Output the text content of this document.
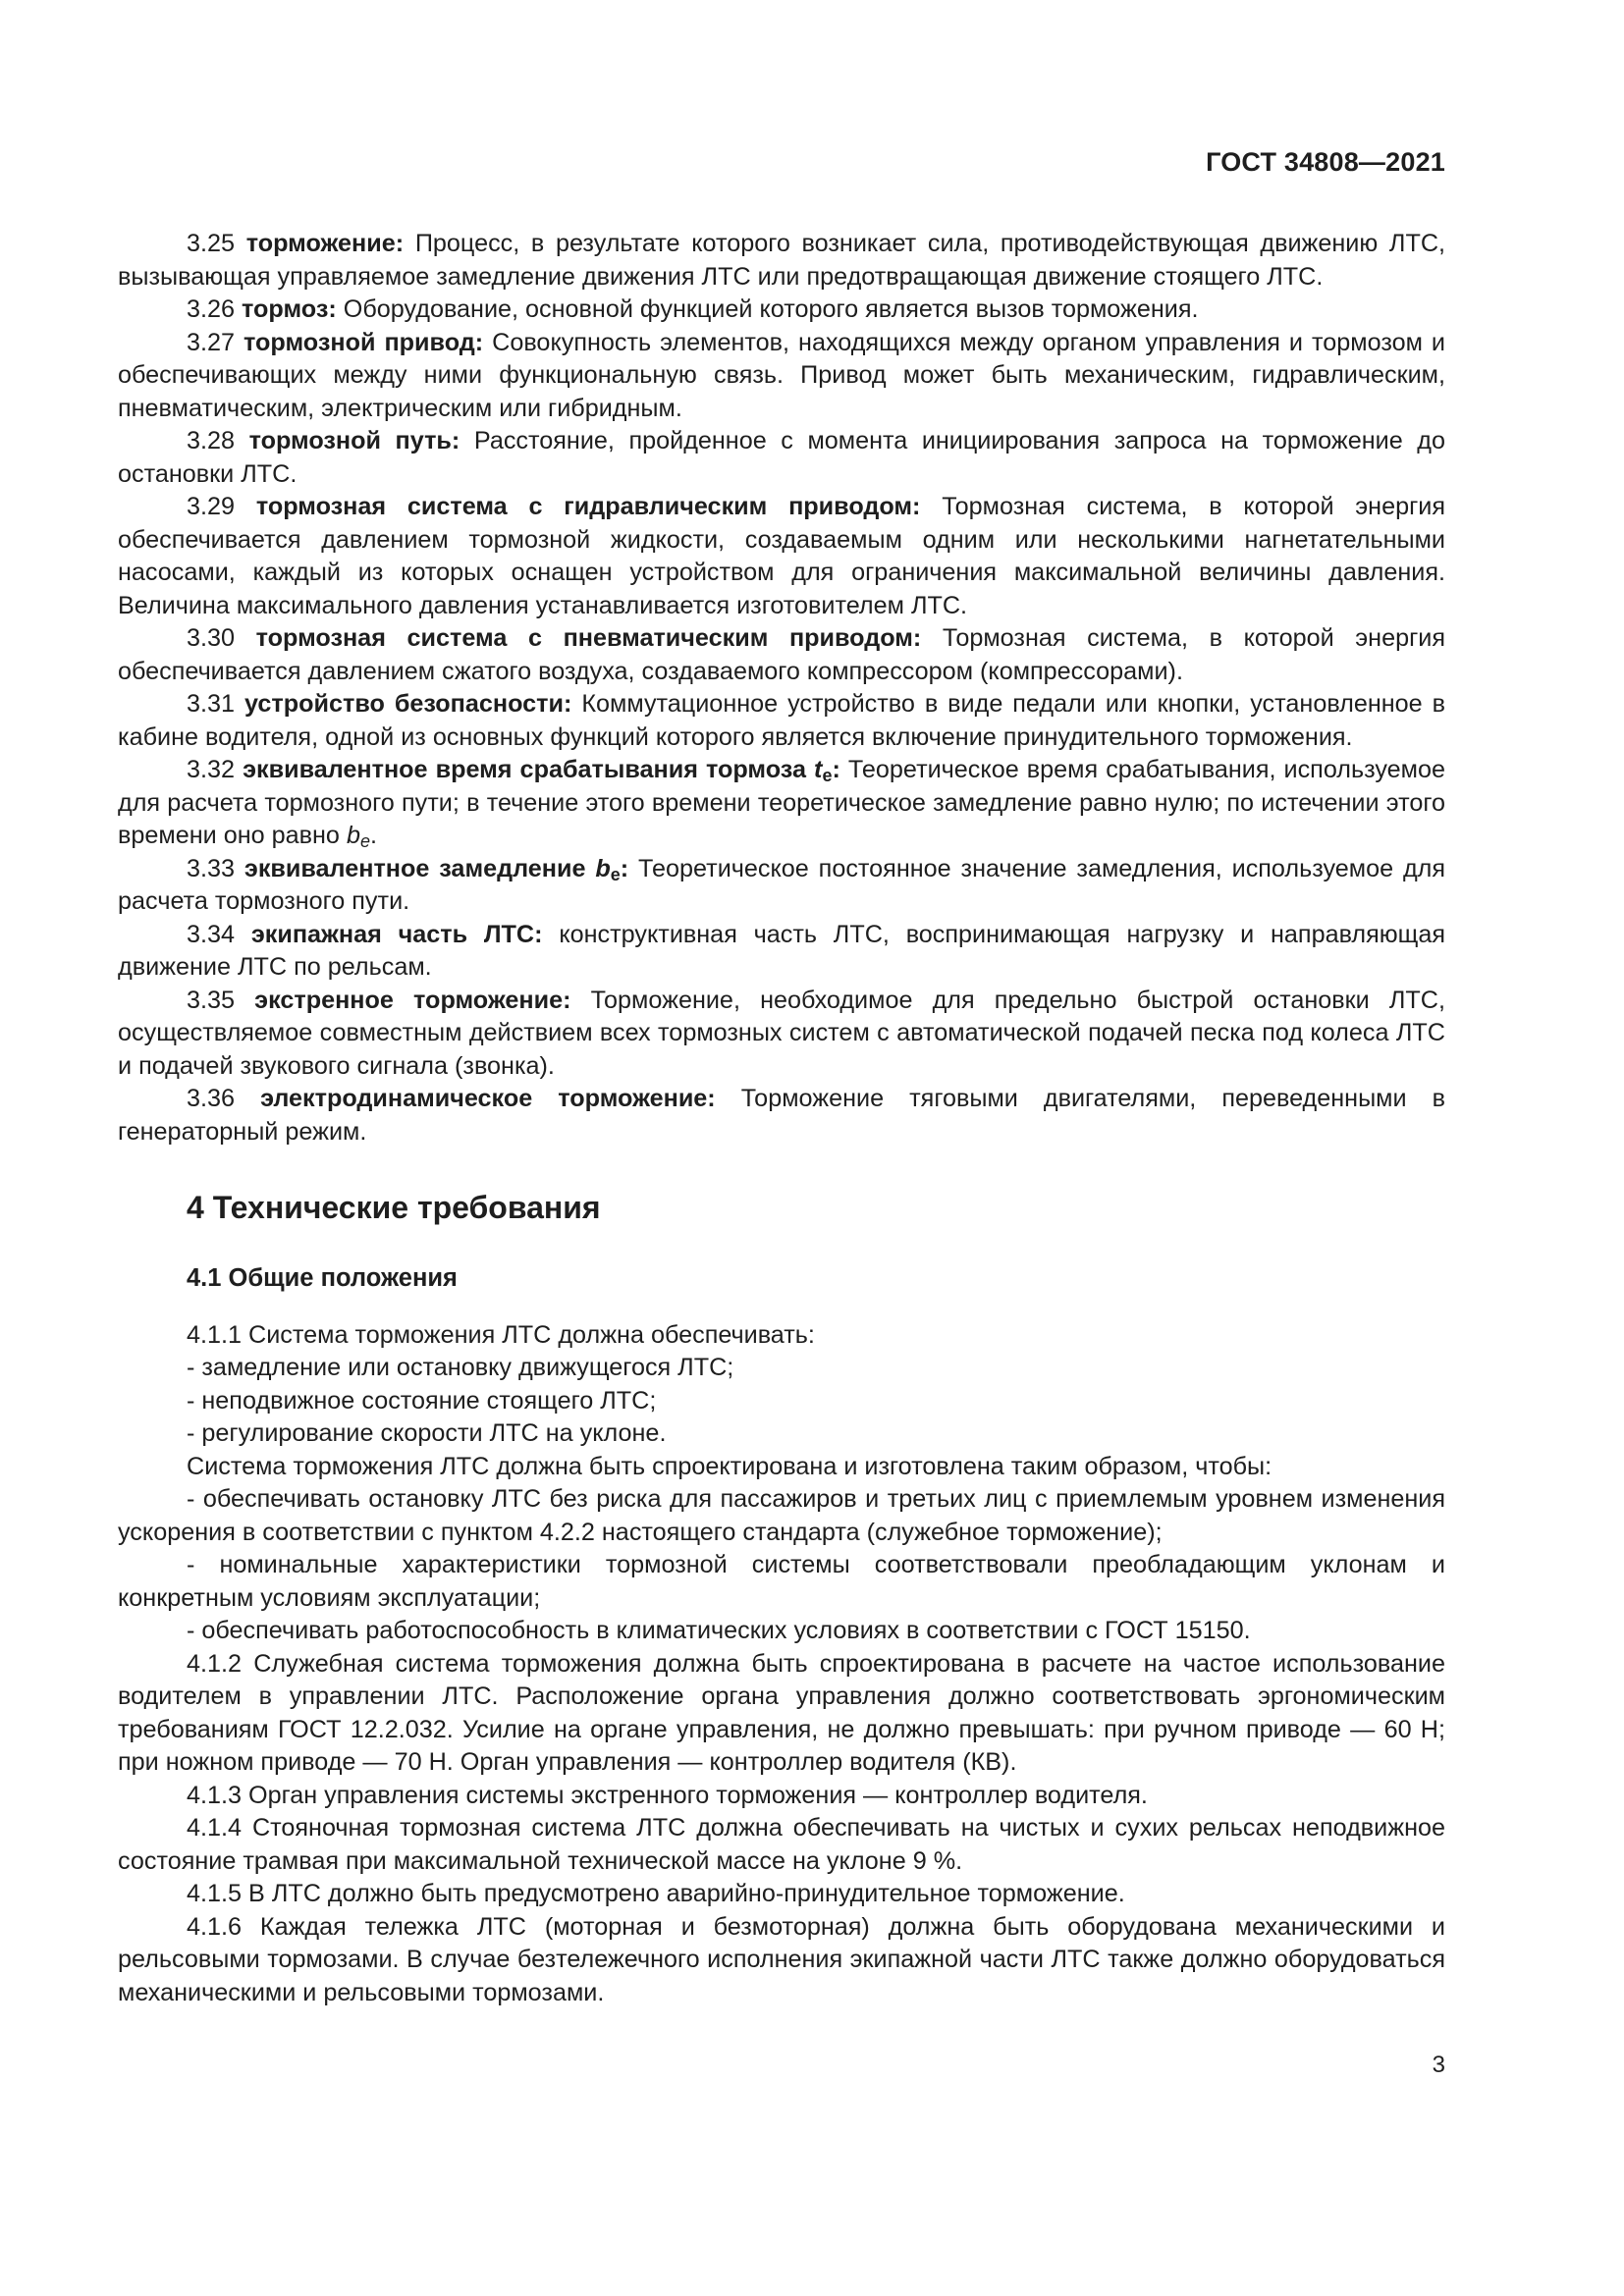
ГОСТ 34808—2021

3.25 торможение: Процесс, в результате которого возникает сила, противодействующая движению ЛТС, вызывающая управляемое замедление движения ЛТС или предотвращающая движение стоящего ЛТС.

3.26 тормоз: Оборудование, основной функцией которого является вызов торможения.

3.27 тормозной привод: Совокупность элементов, находящихся между органом управления и тормозом и обеспечивающих между ними функциональную связь. Привод может быть механическим, гидравлическим, пневматическим, электрическим или гибридным.

3.28 тормозной путь: Расстояние, пройденное с момента инициирования запроса на торможение до остановки ЛТС.

3.29 тормозная система с гидравлическим приводом: Тормозная система, в которой энергия обеспечивается давлением тормозной жидкости, создаваемым одним или несколькими нагнетательными насосами, каждый из которых оснащен устройством для ограничения максимальной величины давления. Величина максимального давления устанавливается изготовителем ЛТС.

3.30 тормозная система с пневматическим приводом: Тормозная система, в которой энергия обеспечивается давлением сжатого воздуха, создаваемого компрессором (компрессорами).

3.31 устройство безопасности: Коммутационное устройство в виде педали или кнопки, установленное в кабине водителя, одной из основных функций которого является включение принудительного торможения.

3.32 эквивалентное время срабатывания тормоза $t_e$: Теоретическое время срабатывания, используемое для расчета тормозного пути; в течение этого времени теоретическое замедление равно нулю; по истечении этого времени оно равно $b_e$.

3.33 эквивалентное замедление $b_e$: Теоретическое постоянное значение замедления, используемое для расчета тормозного пути.

3.34 экипажная часть ЛТС: конструктивная часть ЛТС, воспринимающая нагрузку и направляющая движение ЛТС по рельсам.

3.35 экстренное торможение: Торможение, необходимое для предельно быстрой остановки ЛТС, осуществляемое совместным действием всех тормозных систем с автоматической подачей песка под колеса ЛТС и подачей звукового сигнала (звонка).

3.36 электродинамическое торможение: Торможение тяговыми двигателями, переведенными в генераторный режим.

4 Технические требования
4.1 Общие положения

4.1.1 Система торможения ЛТС должна обеспечивать:

- замедление или остановку движущегося ЛТС;

- неподвижное состояние стоящего ЛТС;

- регулирование скорости ЛТС на уклоне.

Система торможения ЛТС должна быть спроектирована и изготовлена таким образом, чтобы:

- обеспечивать остановку ЛТС без риска для пассажиров и третьих лиц с приемлемым уровнем изменения ускорения в соответствии с пунктом 4.2.2 настоящего стандарта (служебное торможение);

- номинальные характеристики тормозной системы соответствовали преобладающим уклонам и конкретным условиям эксплуатации;

- обеспечивать работоспособность в климатических условиях в соответствии с ГОСТ 15150.

4.1.2 Служебная система торможения должна быть спроектирована в расчете на частое использование водителем в управлении ЛТС. Расположение органа управления должно соответствовать эргономическим требованиям ГОСТ 12.2.032. Усилие на органе управления, не должно превышать: при ручном приводе — 60 Н; при ножном приводе — 70 Н. Орган управления — контроллер водителя (КВ).

4.1.3 Орган управления системы экстренного торможения — контроллер водителя.

4.1.4 Стояночная тормозная система ЛТС должна обеспечивать на чистых и сухих рельсах неподвижное состояние трамвая при максимальной технической массе на уклоне 9 %.

4.1.5 В ЛТС должно быть предусмотрено аварийно-принудительное торможение.

4.1.6 Каждая тележка ЛТС (моторная и безмоторная) должна быть оборудована механическими и рельсовыми тормозами. В случае безтележечного исполнения экипажной части ЛТС также должно оборудоваться механическими и рельсовыми тормозами.

3
